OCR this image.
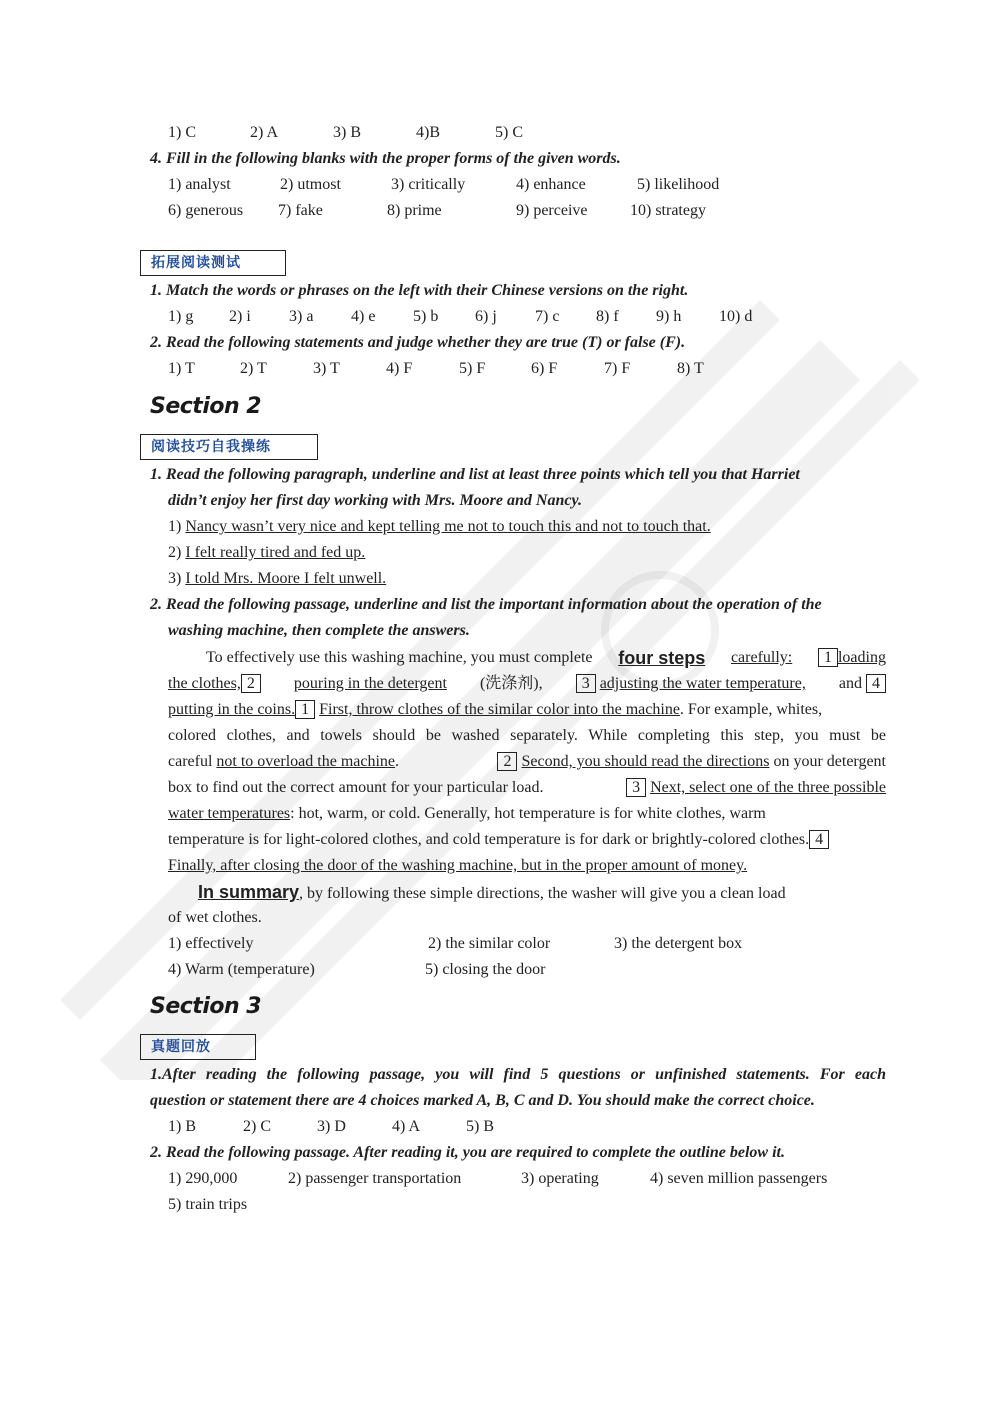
1) C	2) A	3) B	4)B	5) C
4. Fill in the following blanks with the proper forms of the given words.
1) analyst	2) utmost	3) critically	4) enhance	5) likelihood
6) generous 7) fake	8) prime	9) perceive	10) strategy
拓展阅读测试
1. Match the words or phrases on the left with their Chinese versions on the right.
1) g 2) i 3) a 4) e 5) b 6) j 7) c 8) f 9) h 10) d
2. Read the following statements and judge whether they are true (T) or false (F).
1) T	2) T	3) T	4) F	5) F	6) F	7) F	8) T
Section 2
阅读技巧自我操练
1. Read the following paragraph, underline and list at least three points which tell you that Harriet
didn’t enjoy her first day working with Mrs. Moore and Nancy.
1) Nancy wasn’t very nice and kept telling me not to touch this and not to touch that.
2) I felt really tired and fed up.
3) I told Mrs. Moore I felt unwell.
2. Read the following passage, underline and list the important information about the operation of the
washing machine, then complete the answers.
To effectively use this washing machine, you must complete four steps carefully:	1 loading
the clothes, 2	pouring in the detergent (洗涤剂),	3 adjusting the water temperature, and 4
putting in the coins. 1 First, throw clothes of the similar color into the machine. For example, whites,
colored clothes, and towels should be washed separately. While completing this step, you must be
careful not to overload the machine.	2 Second, you should read the directions on your detergent
box to find out the correct amount for your particular load.	3 Next, select one of the three possible
water temperatures: hot, warm, or cold. Generally, hot temperature is for white clothes, warm
temperature is for light-colored clothes, and cold temperature is for dark or brightly-colored clothes. 4
Finally, after closing the door of the washing machine, but in the proper amount of money.
In summary, by following these simple directions, the washer will give you a clean load
of wet clothes.
1) effectively	2) the similar color	3) the detergent box
4) Warm (temperature)	5) closing the door
Section 3
真题回放
1.After reading the following passage, you will find 5 questions or unfinished statements. For each
question or statement there are 4 choices marked A, B, C and D. You should make the correct choice.
1) B	2) C	3) D	4) A	5) B
2. Read the following passage. After reading it, you are required to complete the outline below it.
1) 290,000	2) passenger transportation	3) operating	4) seven million passengers
5) train trips
